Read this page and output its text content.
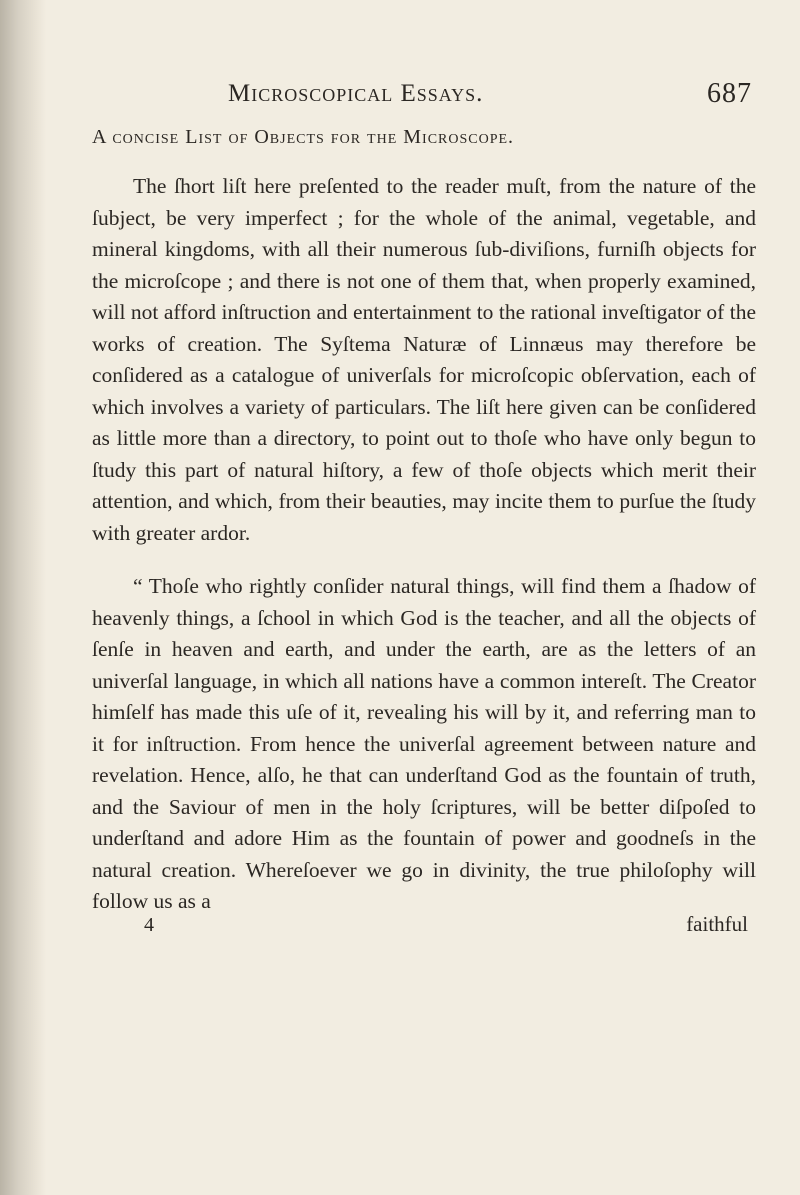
Microscopical Essays.	687
A concise List of Objects for the Microscope.

The ſhort liſt here preſented to the reader muſt, from the nature of the ſubject, be very imperfect ; for the whole of the animal, vegetable, and mineral kingdoms, with all their numerous ſub-diviſions, furniſh objects for the microſcope ; and there is not one of them that, when properly examined, will not afford inſtruction and entertainment to the rational inveſtigator of the works of creation. The Syſtema Naturæ of Linnæus may therefore be conſidered as a catalogue of univerſals for microſcopic obſervation, each of which involves a variety of particulars. The liſt here given can be conſidered as little more than a directory, to point out to thoſe who have only begun to ſtudy this part of natural hiſtory, a few of thoſe objects which merit their attention, and which, from their beauties, may incite them to purſue the ſtudy with greater ardor.

“ Thoſe who rightly conſider natural things, will find them a ſhadow of heavenly things, a ſchool in which God is the teacher, and all the objects of ſenſe in heaven and earth, and under the earth, are as the letters of an univerſal language, in which all nations have a common intereſt. The Creator himſelf has made this uſe of it, revealing his will by it, and referring man to it for inſtruction. From hence the univerſal agreement between nature and revelation. Hence, alſo, he that can underſtand God as the fountain of truth, and the Saviour of men in the holy ſcriptures, will be better diſpoſed to underſtand and adore Him as the fountain of power and goodneſs in the natural creation. Whereſoever we go in divinity, the true philoſophy will follow us as a

4	faithful
